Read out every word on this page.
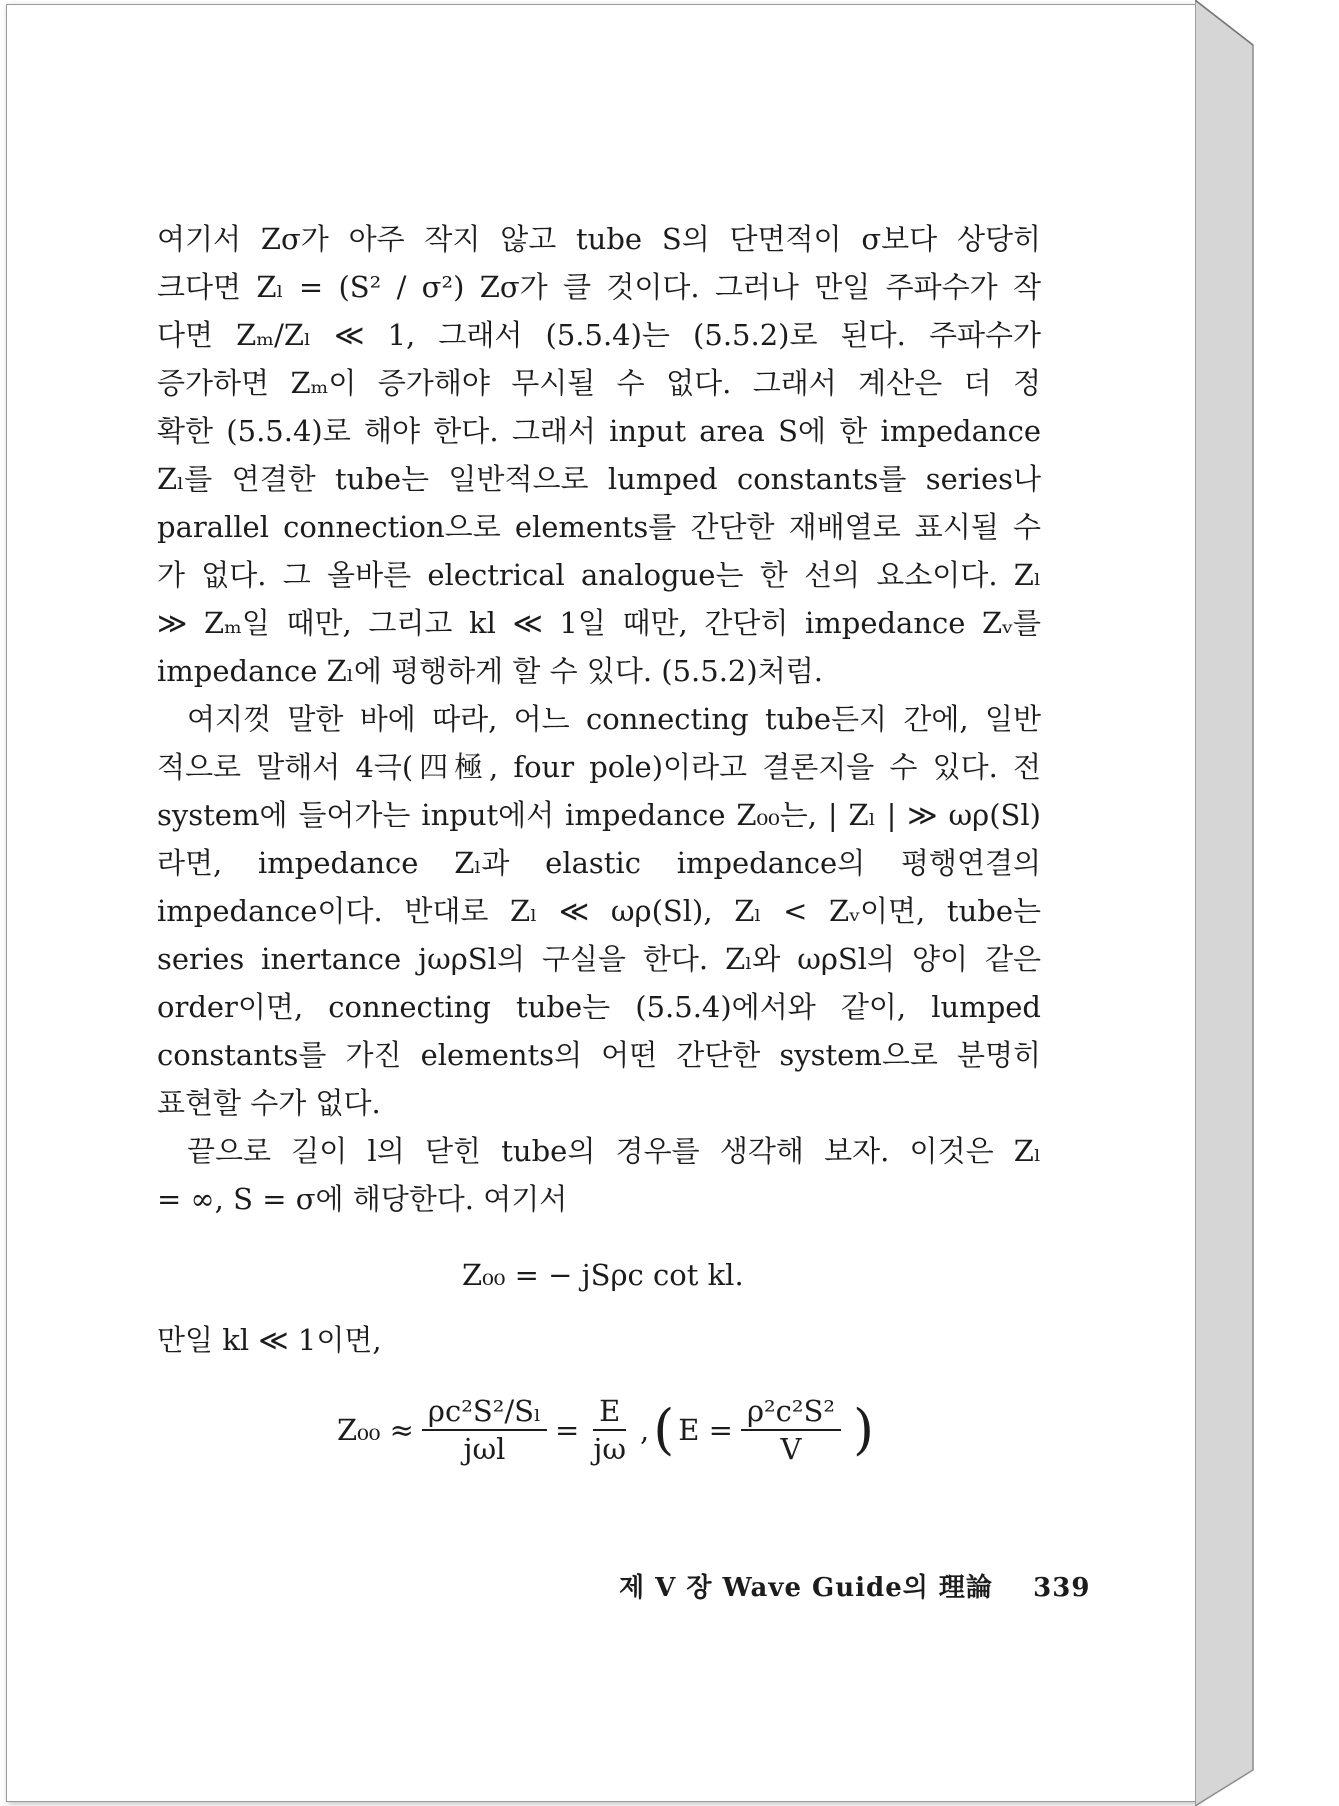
여기서 Zσ가 아주 작지 않고 tube S의 단면적이 σ보다 상당히
크다면 Zₗ = (S² / σ²) Zσ가 클 것이다. 그러나 만일 주파수가 작
다면 Zₘ/Zₗ ≪ 1, 그래서 (5.5.4)는 (5.5.2)로 된다. 주파수가
증가하면 Zₘ이 증가해야 무시될 수 없다. 그래서 계산은 더 정
확한 (5.5.4)로 해야 한다. 그래서 input area S에 한 impedance
Zₗ를 연결한 tube는 일반적으로 lumped constants를 series나
parallel connection으로 elements를 간단한 재배열로 표시될 수
가 없다. 그 올바른 electrical analogue는 한 선의 요소이다. Zₗ
≫ Zₘ일 때만, 그리고 kl ≪ 1일 때만, 간단히 impedance Zᵥ를
impedance Zₗ에 평행하게 할 수 있다. (5.5.2)처럼.
여지껏 말한 바에 따라, 어느 connecting tube든지 간에, 일반
적으로 말해서 4극(四極, four pole)이라고 결론지을 수 있다. 전
system에 들어가는 input에서 impedance Z₀₀는, | Zₗ | ≫ ωρ(Sl)
라면, impedance Zₗ과 elastic impedance의 평행연결의
impedance이다. 반대로 Zₗ ≪ ωρ(Sl), Zₗ < Zᵥ이면, tube는
series inertance jωρSl의 구실을 한다. Zₗ와 ωρSl의 양이 같은
order이면, connecting tube는 (5.5.4)에서와 같이, lumped
constants를 가진 elements의 어떤 간단한 system으로 분명히
표현할 수가 없다.
끝으로 길이 l의 닫힌 tube의 경우를 생각해 보자. 이것은 Zₗ
= ∞, S = σ에 해당한다. 여기서
Z₀₀ = − jSρc cot kl.
만일 kl ≪ 1이면,
$Z_{00} \approx \frac{\text{ρc²S²/Sₗ}}{\text{jωl}} = \frac{E}{j\omega}$ , ( $E = \frac{\text{ρ²c²S²}}{V}$ )
제 V 장 Wave Guide의 理論 339
